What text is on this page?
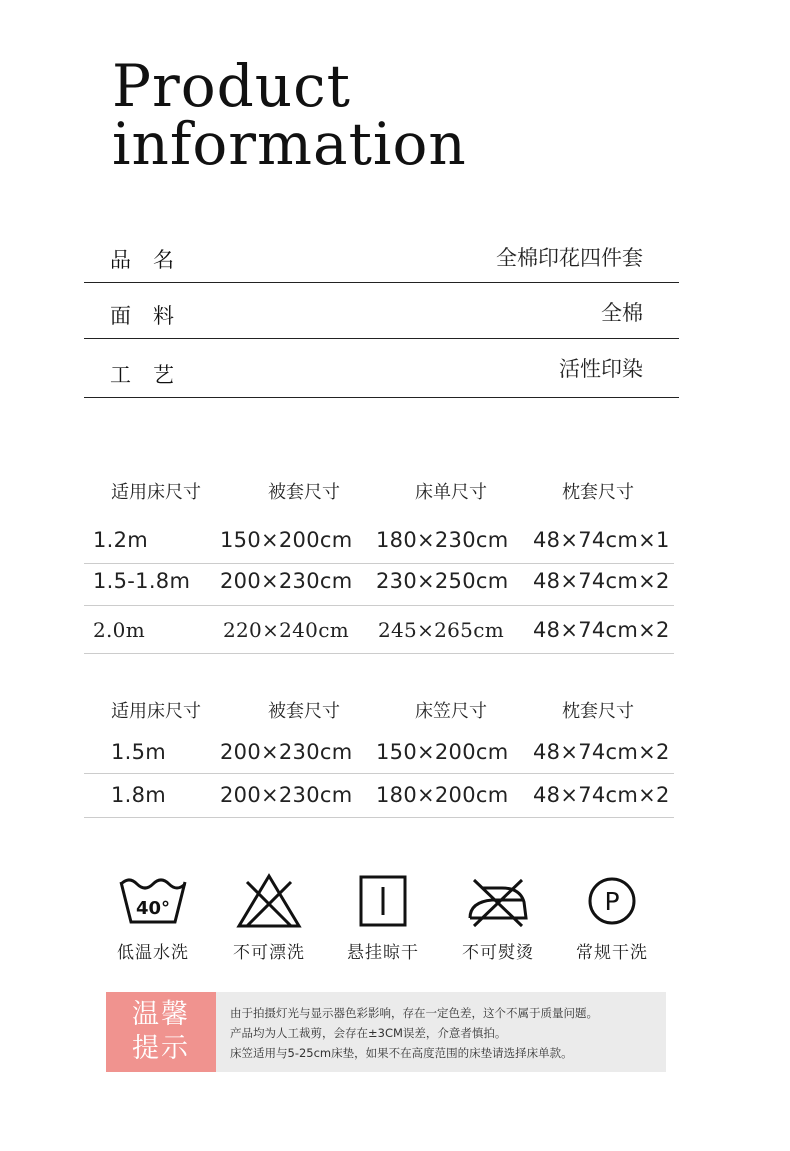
Product
information
品名	全棉印花四件套
面料	全棉
工艺	活性印染
适用床尺寸	被套尺寸	床单尺寸	枕套尺寸
1.2m	150×200cm 180×230cm 48×74cm×1
1.5-1.8m 200×230cm 230×250cm 48×74cm×2
2.0m	220×240cm 245×265cm 48×74cm×2
适用床尺寸	被套尺寸	床笠尺寸	枕套尺寸
1.5m	200×230cm 150×200cm 48×74cm×2
1.8m	200×230cm 180×200cm 48×74cm×2
40°
低温水洗	不可漂洗	悬挂晾干	不可熨烫
P
常规干洗
温馨
提示
由于拍摄灯光与显示器色彩影响，存在一定色差，这个不属于质量问题。
产品均为人工裁剪，会存在±3CM误差，介意者慎拍。
床笠适用与5-25cm床垫，如果不在高度范围的床垫请选择床单款。
